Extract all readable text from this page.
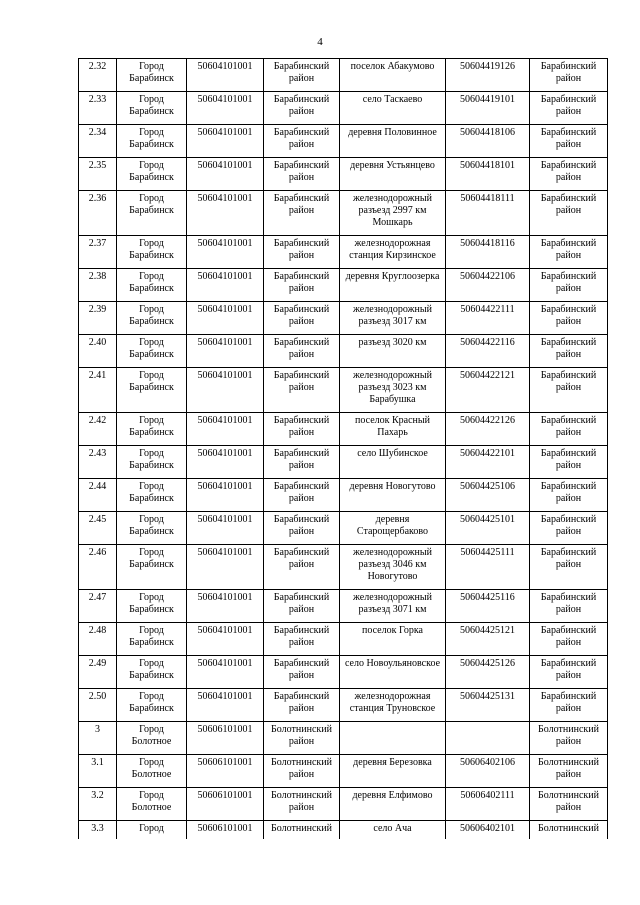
4
2.32	Город Барабинск	50604101001	Барабинский район	поселок Абакумово	50604419126	Барабинский район
2.33	Город Барабинск	50604101001	Барабинский район	село Таскаево	50604419101	Барабинский район
2.34	Город Барабинск	50604101001	Барабинский район	деревня Половинное	50604418106	Барабинский район
2.35	Город Барабинск	50604101001	Барабинский район	деревня Устьянцево	50604418101	Барабинский район
2.36	Город Барабинск	50604101001	Барабинский район	железнодорожный разъезд 2997 км Мошкарь	50604418111	Барабинский район
2.37	Город Барабинск	50604101001	Барабинский район	железнодорожная станция Кирзинское	50604418116	Барабинский район
2.38	Город Барабинск	50604101001	Барабинский район	деревня Круглоозерка	50604422106	Барабинский район
2.39	Город Барабинск	50604101001	Барабинский район	железнодорожный разъезд 3017 км	50604422111	Барабинский район
2.40	Город Барабинск	50604101001	Барабинский район	разъезд 3020 км	50604422116	Барабинский район
2.41	Город Барабинск	50604101001	Барабинский район	железнодорожный разъезд 3023 км Барабушка	50604422121	Барабинский район
2.42	Город Барабинск	50604101001	Барабинский район	поселок Красный Пахарь	50604422126	Барабинский район
2.43	Город Барабинск	50604101001	Барабинский район	село Шубинское	50604422101	Барабинский район
2.44	Город Барабинск	50604101001	Барабинский район	деревня Новогутово	50604425106	Барабинский район
2.45	Город Барабинск	50604101001	Барабинский район	деревня Старощербаково	50604425101	Барабинский район
2.46	Город Барабинск	50604101001	Барабинский район	железнодорожный разъезд 3046 км Новогутово	50604425111	Барабинский район
2.47	Город Барабинск	50604101001	Барабинский район	железнодорожный разъезд 3071 км	50604425116	Барабинский район
2.48	Город Барабинск	50604101001	Барабинский район	поселок Горка	50604425121	Барабинский район
2.49	Город Барабинск	50604101001	Барабинский район	село Новоульяновское	50604425126	Барабинский район
2.50	Город Барабинск	50604101001	Барабинский район	железнодорожная станция Труновское	50604425131	Барабинский район
3	Город Болотное	50606101001	Болотнинский район			Болотнинский район
3.1	Город Болотное	50606101001	Болотнинский район	деревня Березовка	50606402106	Болотнинский район
3.2	Город Болотное	50606101001	Болотнинский район	деревня Елфимово	50606402111	Болотнинский район
3.3	Город	50606101001	Болотнинский	село Ача	50606402101	Болотнинский
